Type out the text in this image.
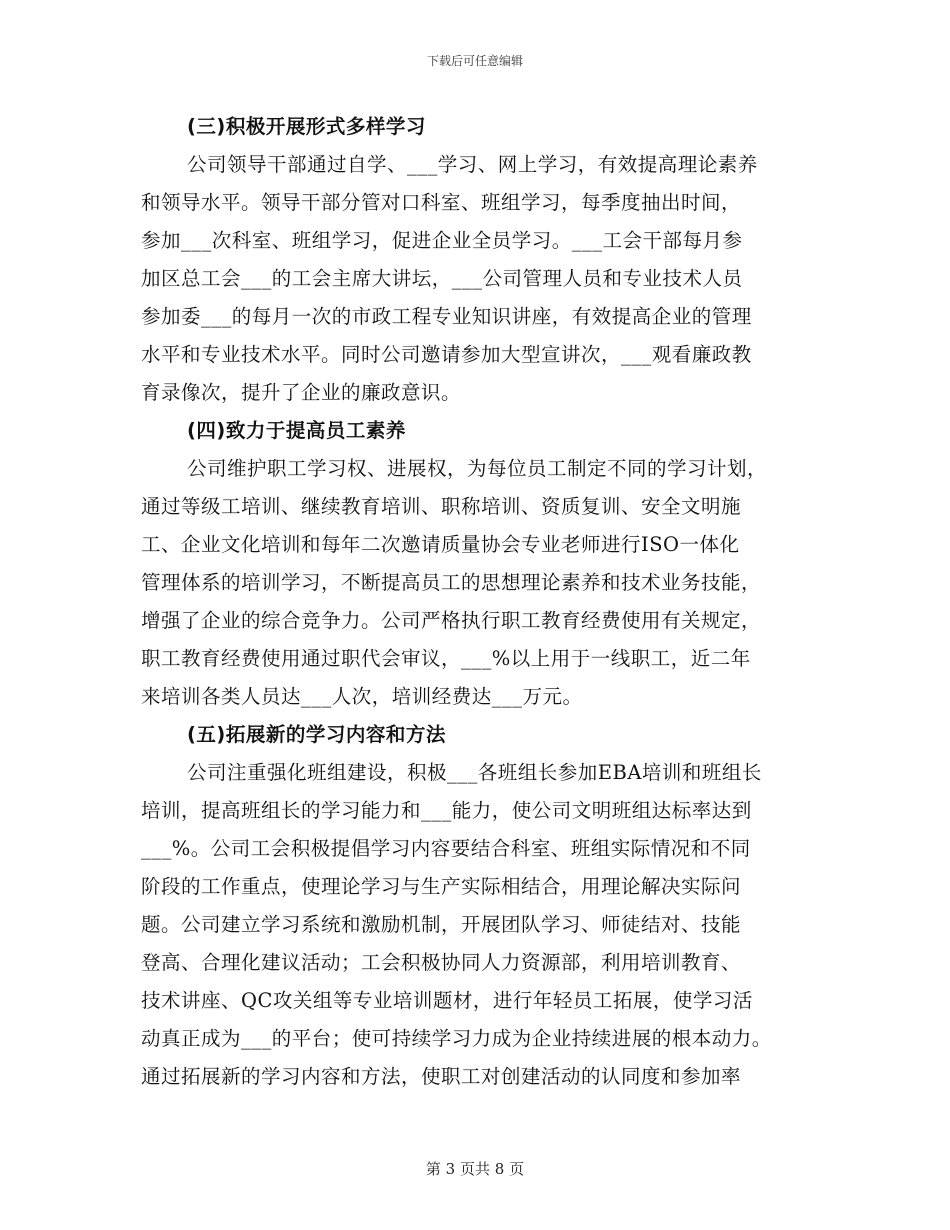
下载后可任意编辑
(三)积极开展形式多样学习
公司领导干部通过自学、___学习、网上学习，有效提高理论素养
和领导水平。领导干部分管对口科室、班组学习，每季度抽出时间，
参加___次科室、班组学习，促进企业全员学习。___工会干部每月参
加区总工会___的工会主席大讲坛，___公司管理人员和专业技术人员
参加委___的每月一次的市政工程专业知识讲座，有效提高企业的管理
水平和专业技术水平。同时公司邀请参加大型宣讲次，___观看廉政教
育录像次，提升了企业的廉政意识。
(四)致力于提高员工素养
公司维护职工学习权、进展权，为每位员工制定不同的学习计划，
通过等级工培训、继续教育培训、职称培训、资质复训、安全文明施
工、企业文化培训和每年二次邀请质量协会专业老师进行ISO一体化
管理体系的培训学习，不断提高员工的思想理论素养和技术业务技能，
增强了企业的综合竞争力。公司严格执行职工教育经费使用有关规定，
职工教育经费使用通过职代会审议，___%以上用于一线职工，近二年
来培训各类人员达___人次，培训经费达___万元。
(五)拓展新的学习内容和方法
公司注重强化班组建设，积极___各班组长参加EBA培训和班组长
培训，提高班组长的学习能力和___能力，使公司文明班组达标率达到
___%。公司工会积极提倡学习内容要结合科室、班组实际情况和不同
阶段的工作重点，使理论学习与生产实际相结合，用理论解决实际问
题。公司建立学习系统和激励机制，开展团队学习、师徒结对、技能
登高、合理化建议活动；工会积极协同人力资源部，利用培训教育、
技术讲座、QC攻关组等专业培训题材，进行年轻员工拓展，使学习活
动真正成为___的平台；使可持续学习力成为企业持续进展的根本动力。
通过拓展新的学习内容和方法，使职工对创建活动的认同度和参加率
第 3 页共 8 页
